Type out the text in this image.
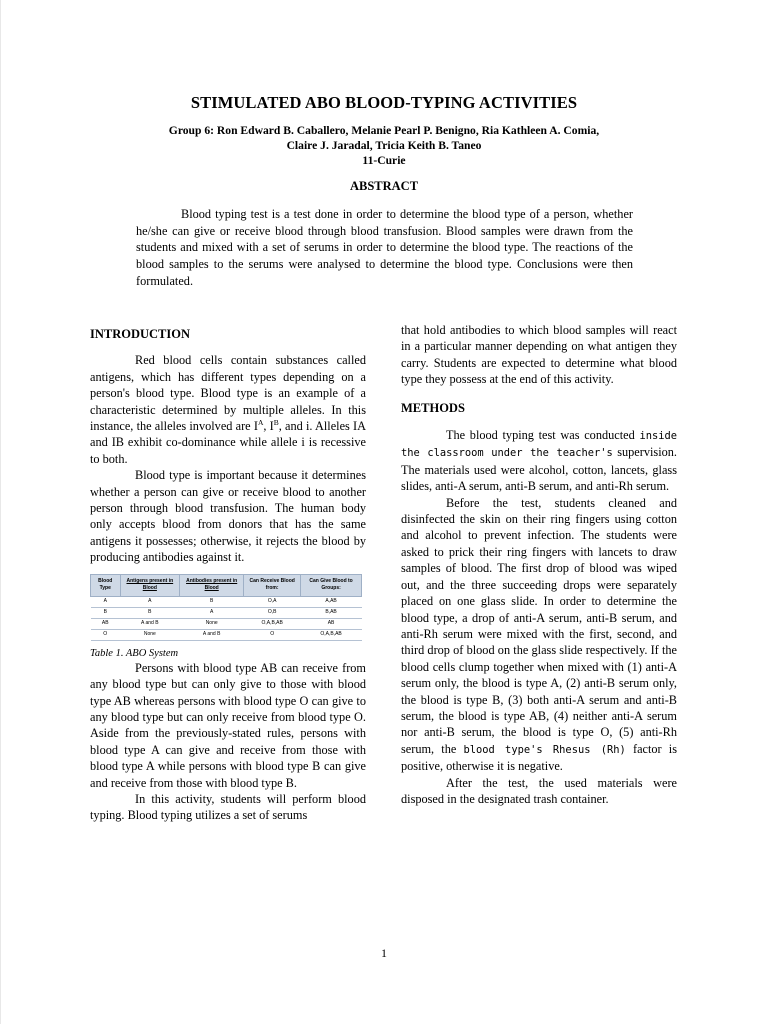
STIMULATED ABO BLOOD-TYPING ACTIVITIES
Group 6: Ron Edward B. Caballero, Melanie Pearl P. Benigno, Ria Kathleen A. Comia,
Claire J. Jaradal, Tricia Keith B. Taneo
11-Curie
ABSTRACT

Blood typing test is a test done in order to determine the blood type of a person, whether he/she can give or receive blood through blood transfusion. Blood samples were drawn from the students and mixed with a set of serums in order to determine the blood type. The reactions of the blood samples to the serums were analysed to determine the blood type. Conclusions were then formulated.

INTRODUCTION

Red blood cells contain substances called antigens, which has different types depending on a person's blood type. Blood type is an example of a characteristic determined by multiple alleles. In this instance, the alleles involved are $I^A$, $I^B$, and i. Alleles IA and IB exhibit co-dominance while allele i is recessive to both.

Blood type is important because it determines whether a person can give or receive blood to another person through blood transfusion. The human body only accepts blood from donors that has the same antigens it possesses; otherwise, it rejects the blood by producing antibodies against it.

Blood Type	Antigens present in Blood	Antibodies present in Blood	Can Receive Blood from:	Can Give Blood to Groups:
A	A	B	O,A	A,AB
B	B	A	O,B	B,AB
AB	A and B	None	O,A,B,AB	AB
O	None	A and B	O	O,A,B,AB
Table 1. ABO System

Persons with blood type AB can receive from any blood type but can only give to those with blood type AB whereas persons with blood type O can give to any blood type but can only receive from blood type O. Aside from the previously-stated rules, persons with blood type A can give and receive from those with blood type A while persons with blood type B can give and receive from those with blood type B.

In this activity, students will perform blood typing. Blood typing utilizes a set of serums

that hold antibodies to which blood samples will react in a particular manner depending on what antigen they carry. Students are expected to determine what blood type they possess at the end of this activity.

METHODS

The blood typing test was conducted inside the classroom under the teacher's supervision. The materials used were alcohol, cotton, lancets, glass slides, anti-A serum, anti-B serum, and anti-Rh serum.

Before the test, students cleaned and disinfected the skin on their ring fingers using cotton and alcohol to prevent infection. The students were asked to prick their ring fingers with lancets to draw samples of blood. The first drop of blood was wiped out, and the three succeeding drops were separately placed on one glass slide. In order to determine the blood type, a drop of anti-A serum, anti-B serum, and anti-Rh serum were mixed with the first, second, and third drop of blood on the glass slide respectively. If the blood cells clump together when mixed with (1) anti-A serum only, the blood is type A, (2) anti-B serum only, the blood is type B, (3) both anti-A serum and anti-B serum, the blood is type AB, (4) neither anti-A serum nor anti-B serum, the blood is type O, (5) anti-Rh serum, the blood type's Rhesus (Rh) factor is positive, otherwise it is negative.

After the test, the used materials were disposed in the designated trash container.

1
